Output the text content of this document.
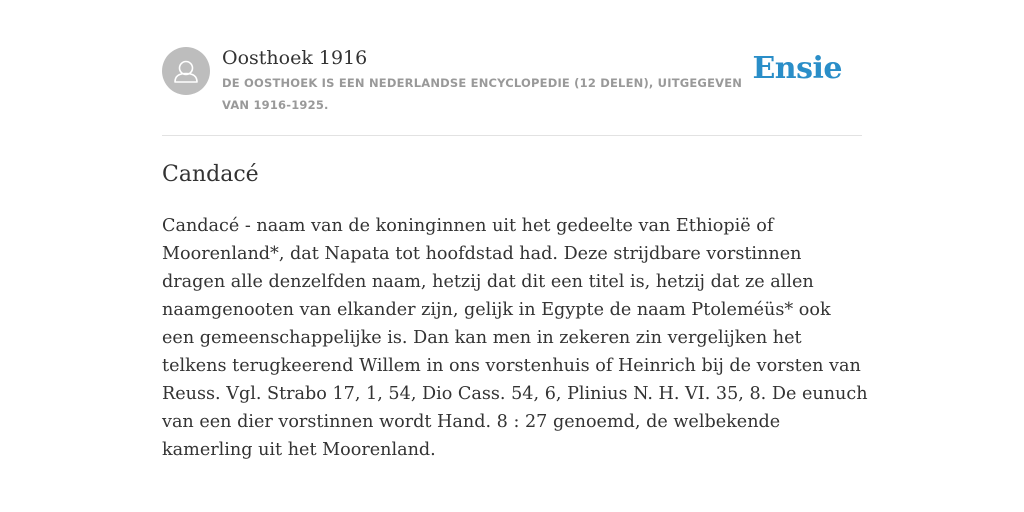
Oosthoek 1916
DE OOSTHOEK IS EEN NEDERLANDSE ENCYCLOPEDIE (12 DELEN), UITGEGEVEN VAN 1916-1925.
Ensie
Candacé

Candacé - naam van de koninginnen uit het gedeelte van Ethiopië of Moorenland*, dat Napata tot hoofdstad had. Deze strijdbare vorstinnen dragen alle denzelfden naam, hetzij dat dit een titel is, hetzij dat ze allen naamgenooten van elkander zijn, gelijk in Egypte de naam Ptoleméüs* ook een gemeenschappelijke is. Dan kan men in zekeren zin vergelijken het telkens terugkeerend Willem in ons vorstenhuis of Heinrich bij de vorsten van Reuss. Vgl. Strabo 17, 1, 54, Dio Cass. 54, 6, Plinius N. H. VI. 35, 8. De eunuch van een dier vorstinnen wordt Hand. 8 : 27 genoemd, de welbekende kamerling uit het Moorenland.
